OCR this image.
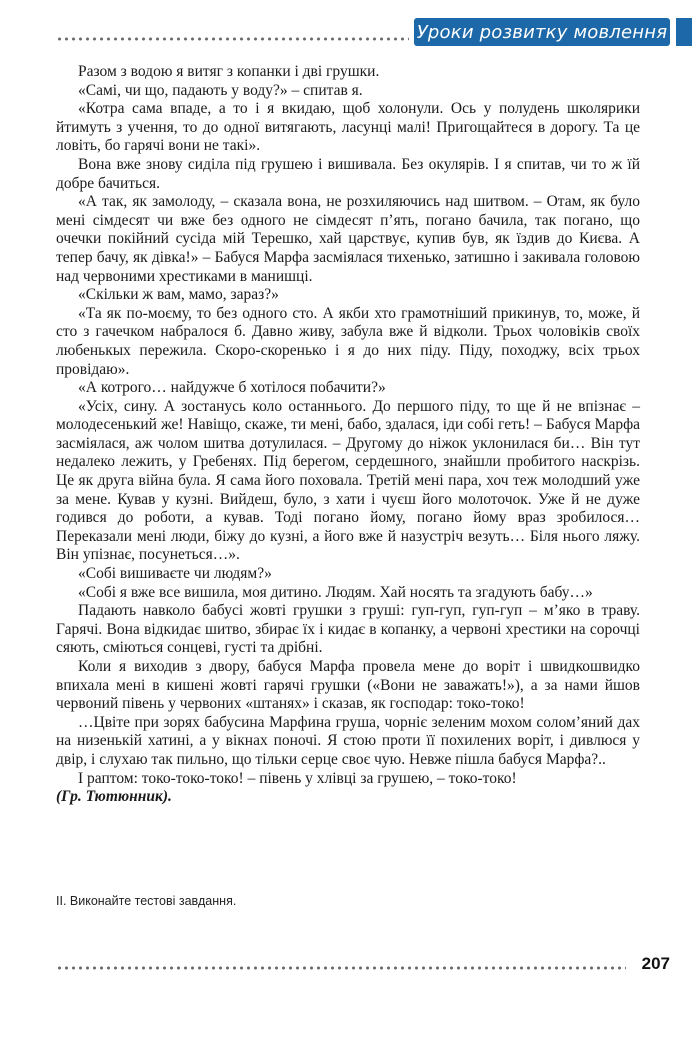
Уроки розвитку мовлення

Разом з водою я витяг з копанки і дві грушки.

«Самі, чи що, падають у воду?» – спитав я.

«Котра сама впаде, а то і я вкидаю, щоб холонули. Ось у полудень школярики йтимуть з учення, то до одної витягають, ласунці малі! Пригощайтеся в дорогу. Та це ловіть, бо гарячі вони не такі».

Вона вже знову сиділа під грушею і вишивала. Без окулярів. І я спитав, чи то ж їй добре бачиться.

«А так, як замолоду, – сказала вона, не розхиляючись над шитвом. – Отам, як було мені сімдесят чи вже без одного не сімдесят п’ять, погано бачила, так погано, що очечки покійний сусіда мій Терешко, хай царствує, купив був, як їздив до Києва. А тепер бачу, як дівка!» – Бабуся Марфа засміялася тихенько, затишно і закивала головою над червоними хрестиками в манишці.

«Скільки ж вам, мамо, зараз?»

«Та як по-моєму, то без одного сто. А якби хто грамотніший прикинув, то, може, й сто з гачечком набралося б. Давно живу, забула вже й відколи. Трьох чоловіків своїх любенькых пережила. Скоро-скоренько і я до них піду. Піду, походжу, всіх трьох провідаю».

«А котрого… найдужче б хотілося побачити?»

«Усіх, сину. А зостанусь коло останнього. До першого піду, то ще й не впізнає – молодесенький же! Навіщо, скаже, ти мені, бабо, здалася, іди собі геть! – Бабуся Марфа засміялася, аж чолом шитва дотулилася. – Другому до ніжок уклонилася би… Він тут недалеко лежить, у Гребенях. Під берегом, сердешного, знайшли пробитого наскрізь. Це як друга війна була. Я сама його поховала. Третій мені пара, хоч теж молодший уже за мене. Кував у кузні. Вийдеш, було, з хати і чуєш його молоточок. Уже й не дуже годився до роботи, а кував. Тоді погано йому, погано йому враз зробилося… Переказали мені люди, біжу до кузні, а його вже й назустріч везуть… Біля нього ляжу. Він упізнає, посунеться…».

«Собі вишиваєте чи людям?»

«Собі я вже все вишила, моя дитино. Людям. Хай носять та згадують бабу…»

Падають навколо бабусі жовті грушки з груші: гуп-гуп, гуп-гуп – м’яко в траву. Гарячі. Вона відкидає шитво, збирає їх і кидає в копанку, а червоні хрестики на сорочці сяють, сміються сонцеві, густі та дрібні.

Коли я виходив з двору, бабуся Марфа провела мене до воріт і швидкошвидко впихала мені в кишені жовті гарячі грушки («Вони не заважать!»), а за нами йшов червоний півень у червоних «штанях» і сказав, як господар: токо-токо!

…Цвіте при зорях бабусина Марфина груша, чорніє зеленим мохом солом’яний дах на низенькій хатині, а у вікнах поночі. Я стою проти її похилених воріт, і дивлюся у двір, і слухаю так пильно, що тільки серце своє чую. Невже пішла бабуся Марфа?..

І раптом: токо-токо-токо! – півень у хлівці за грушею, – токо-токо!

(Гр. Тютюнник).

ІІ. Виконайте тестові завдання.
207
